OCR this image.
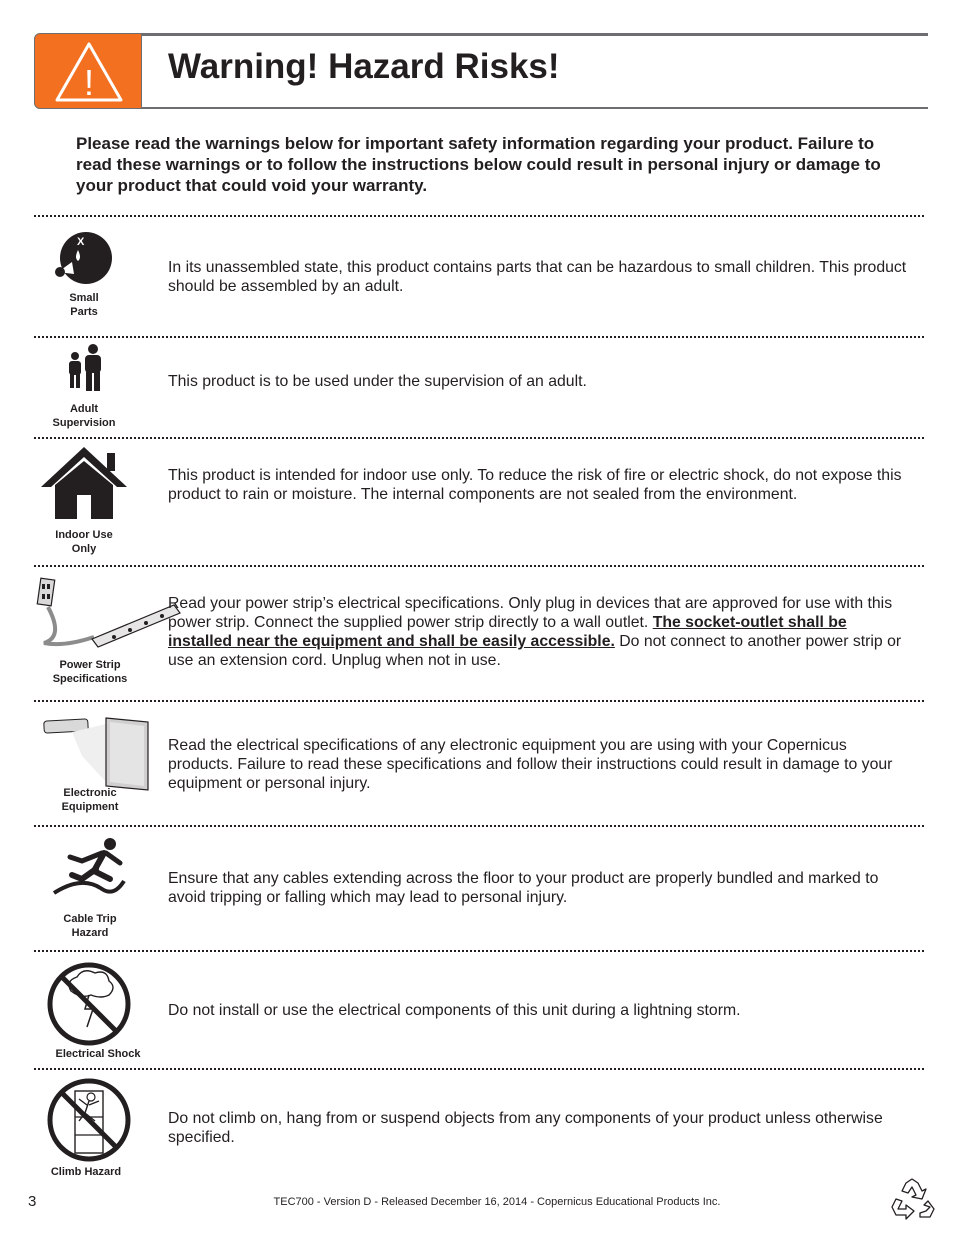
! Warning! Hazard Risks!
Please read the warnings below for important safety information regarding your product. Failure to read these warnings or to follow the instructions below could result in personal injury or damage to your product that could void your warranty.
X
Small
Parts
In its unassembled state, this product contains parts that can be hazardous to small children. This product should be assembled by an adult.
Adult
Supervision
This product is to be used under the supervision of an adult.
Indoor Use
Only
This product is intended for indoor use only. To reduce the risk of fire or electric shock, do not expose this product to rain or moisture. The internal components are not sealed from the environment.
Power Strip
Specifications
Read your power strip’s electrical specifications. Only plug in devices that are approved for use with this power strip. Connect the supplied power strip directly to a wall outlet. The socket-outlet shall be installed near the equipment and shall be easily accessible. Do not connect to another power strip or use an extension cord. Unplug when not in use.
Electronic
Equipment
Read the electrical specifications of any electronic equipment you are using with your Copernicus products. Failure to read these specifications and follow their instructions could result in damage to your equipment or personal injury.
Cable Trip
Hazard
Ensure that any cables extending across the floor to your product are properly bundled and marked to avoid tripping or falling which may lead to personal injury.
Electrical Shock
Do not install or use the electrical components of this unit during a lightning storm.
Climb Hazard
Do not climb on, hang from or suspend objects from any components of your product unless otherwise specified.
3	TEC700 - Version D - Released December 16, 2014 - Copernicus Educational Products Inc.
